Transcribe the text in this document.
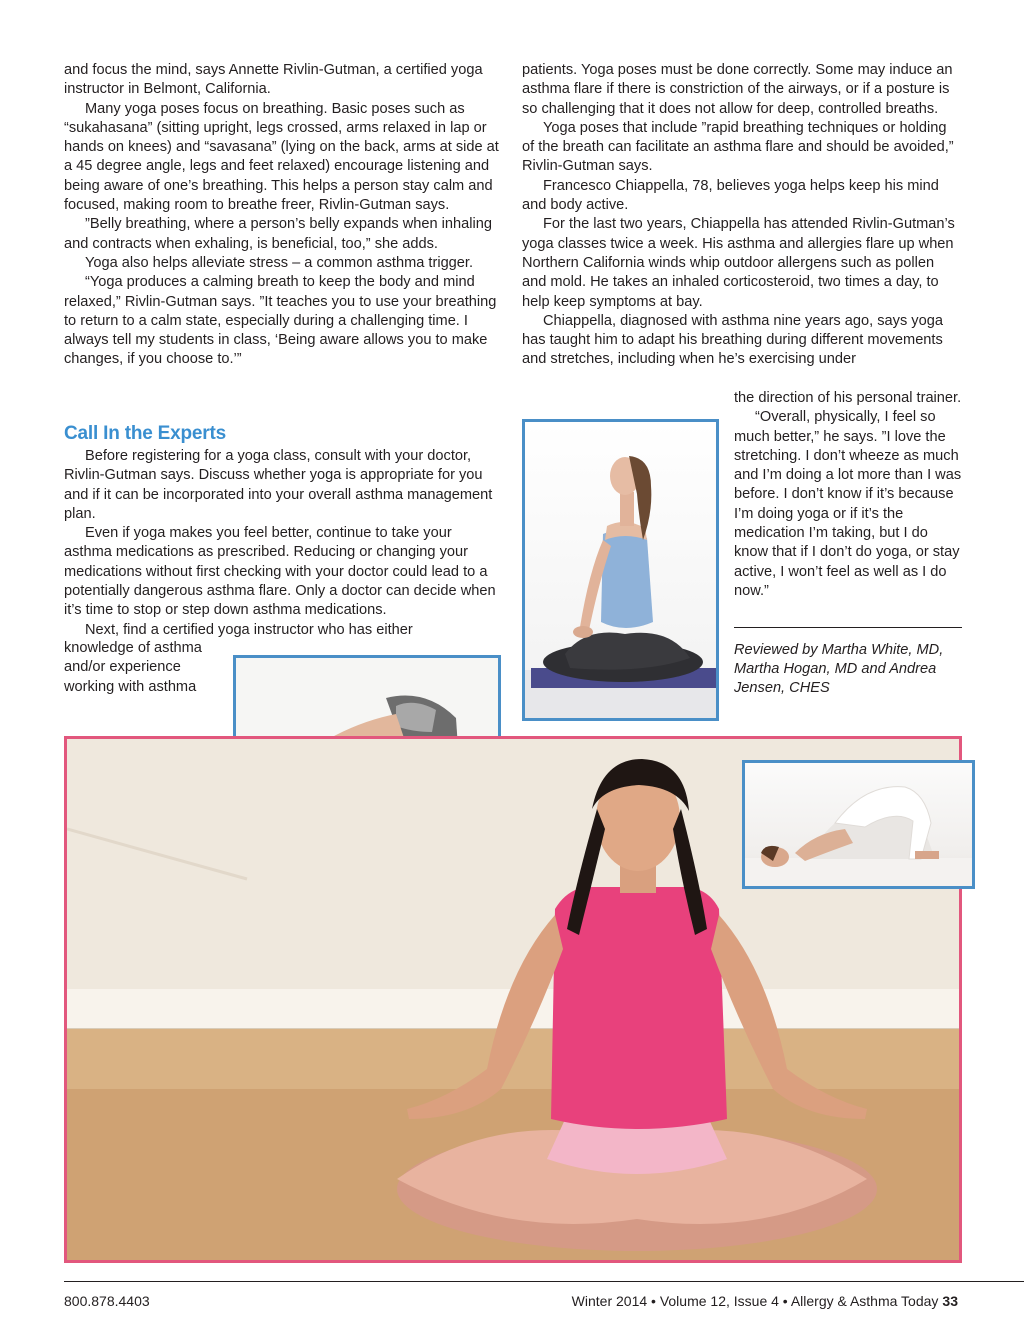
and focus the mind, says Annette Rivlin-Gutman, a certified yoga instructor in Belmont, California.

Many yoga poses focus on breathing. Basic poses such as “sukahasana” (sitting upright, legs crossed, arms relaxed in lap or hands on knees) and “savasana” (lying on the back, arms at side at a 45 degree angle, legs and feet relaxed) encourage listening and being aware of one’s breathing. This helps a person stay calm and focused, making room to breathe freer, Rivlin-Gutman says.

”Belly breathing, where a person’s belly expands when inhaling and contracts when exhaling, is beneficial, too,” she adds.

Yoga also helps alleviate stress – a common asthma trigger.

“Yoga produces a calming breath to keep the body and mind relaxed,” Rivlin-Gutman says. ”It teaches you to use your breathing to return to a calm state, especially during a challenging time. I always tell my students in class, ‘Being aware allows you to make changes, if you choose to.’”

Call In the Experts

Before registering for a yoga class, consult with your doctor, Rivlin-Gutman says. Discuss whether yoga is appropriate for you and if it can be incorporated into your overall asthma management plan.

Even if yoga makes you feel better, continue to take your asthma medications as prescribed. Reducing or changing your medications without first checking with your doctor could lead to a potentially dangerous asthma flare. Only a doctor can decide when it’s time to stop or step down asthma medications.

Next, find a certified yoga instructor who has either

knowledge of asthma
and/or experience
working with asthma

patients. Yoga poses must be done correctly. Some may induce an asthma flare if there is constriction of the airways, or if a posture is so challenging that it does not allow for deep, controlled breaths.

Yoga poses that include ”rapid breathing techniques or holding of the breath can facilitate an asthma flare and should be avoided,” Rivlin-Gutman says.

Francesco Chiappella, 78, believes yoga helps keep his mind and body active.

For the last two years, Chiappella has attended Rivlin-Gutman’s yoga classes twice a week. His asthma and allergies flare up when Northern California winds whip outdoor allergens such as pollen and mold. He takes an inhaled corticosteroid, two times a day, to help keep symptoms at bay.

Chiappella, diagnosed with asthma nine years ago, says yoga has taught him to adapt his breathing during different movements and stretches, including when he’s exercising under

the direction of his personal trainer.

“Overall, physically, I feel so much better,” he says. ”I love the stretching. I don’t wheeze as much and I’m doing a lot more than I was before. I don’t know if it’s because I’m doing yoga or if it’s the medication I’m taking, but I do know that if I don’t do yoga, or stay active, I won’t feel as well as I do now.”

Reviewed by Martha White, MD, Martha Hogan, MD and Andrea Jensen, CHES
800.878.4403	Winter 2014 • Volume 12, Issue 4 • Allergy & Asthma Today 33
